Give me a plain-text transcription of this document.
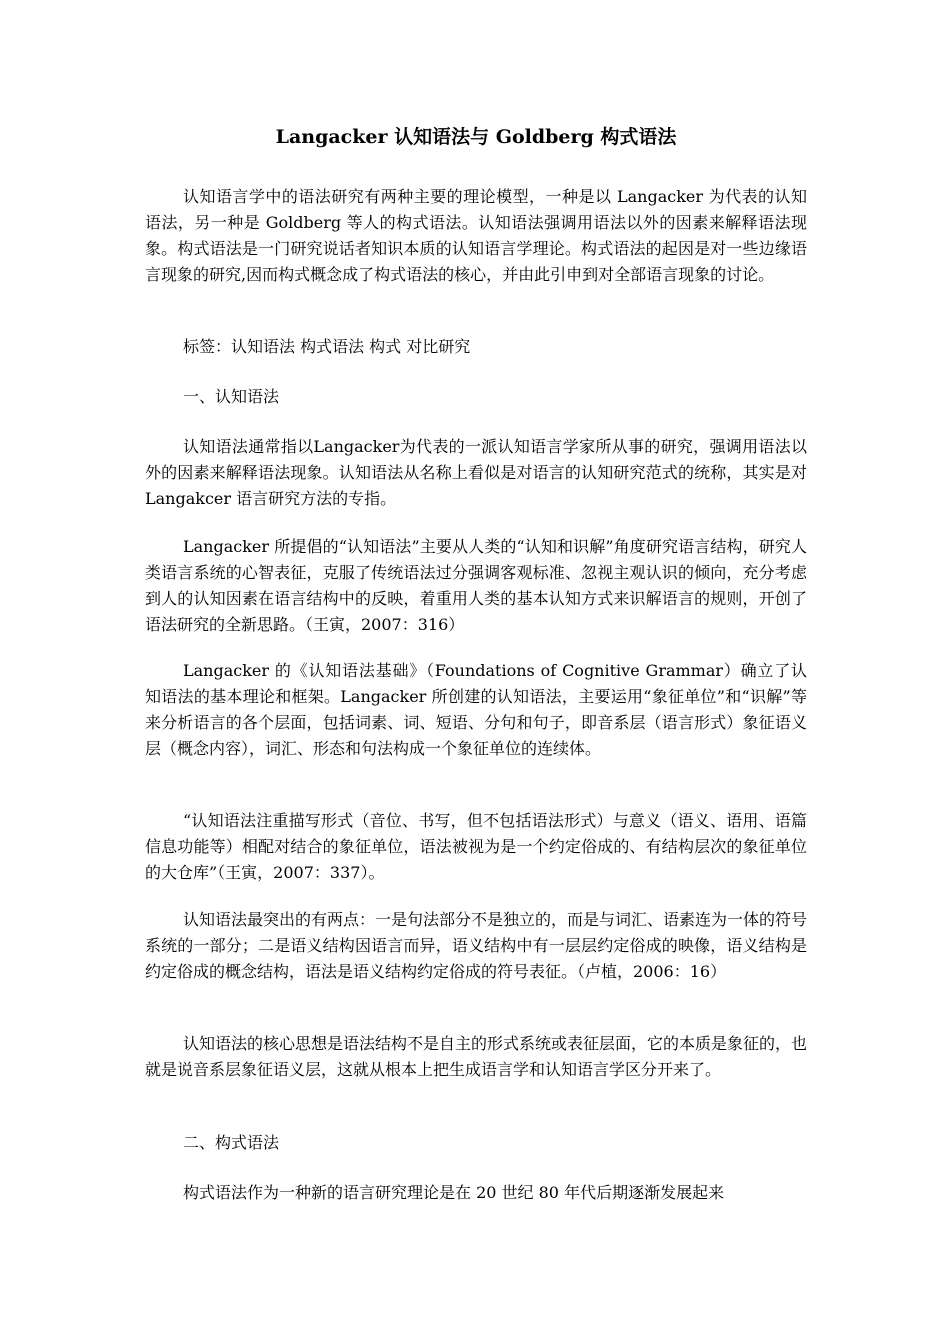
Langacker 认知语法与 Goldberg 构式语法

认知语言学中的语法研究有两种主要的理论模型，一种是以 Langacker 为代表的认知语法，另一种是 Goldberg 等人的构式语法。认知语法强调用语法以外的因素来解释语法现象。构式语法是一门研究说话者知识本质的认知语言学理论。构式语法的起因是对一些边缘语言现象的研究,因而构式概念成了构式语法的核心，并由此引申到对全部语言现象的讨论。

标签：认知语法 构式语法 构式 对比研究

一、认知语法

认知语法通常指以Langacker为代表的一派认知语言学家所从事的研究，强调用语法以外的因素来解释语法现象。认知语法从名称上看似是对语言的认知研究范式的统称，其实是对 Langakcer 语言研究方法的专指。

Langacker 所提倡的“认知语法”主要从人类的“认知和识解”角度研究语言结构，研究人类语言系统的心智表征，克服了传统语法过分强调客观标准、忽视主观认识的倾向，充分考虑到人的认知因素在语言结构中的反映，着重用人类的基本认知方式来识解语言的规则，开创了语法研究的全新思路。（王寅，2007：316）

Langacker 的《认知语法基础》（Foundations of Cognitive Grammar）确立了认知语法的基本理论和框架。Langacker 所创建的认知语法，主要运用“象征单位”和“识解”等来分析语言的各个层面，包括词素、词、短语、分句和句子，即音系层（语言形式）象征语义层（概念内容），词汇、形态和句法构成一个象征单位的连续体。

“认知语法注重描写形式（音位、书写，但不包括语法形式）与意义（语义、语用、语篇信息功能等）相配对结合的象征单位，语法被视为是一个约定俗成的、有结构层次的象征单位的大仓库”（王寅，2007：337）。

认知语法最突出的有两点：一是句法部分不是独立的，而是与词汇、语素连为一体的符号系统的一部分；二是语义结构因语言而异，语义结构中有一层层约定俗成的映像，语义结构是约定俗成的概念结构，语法是语义结构约定俗成的符号表征。（卢植，2006：16）

认知语法的核心思想是语法结构不是自主的形式系统或表征层面，它的本质是象征的，也就是说音系层象征语义层，这就从根本上把生成语言学和认知语言学区分开来了。

二、构式语法

构式语法作为一种新的语言研究理论是在 20 世纪 80 年代后期逐渐发展起来
